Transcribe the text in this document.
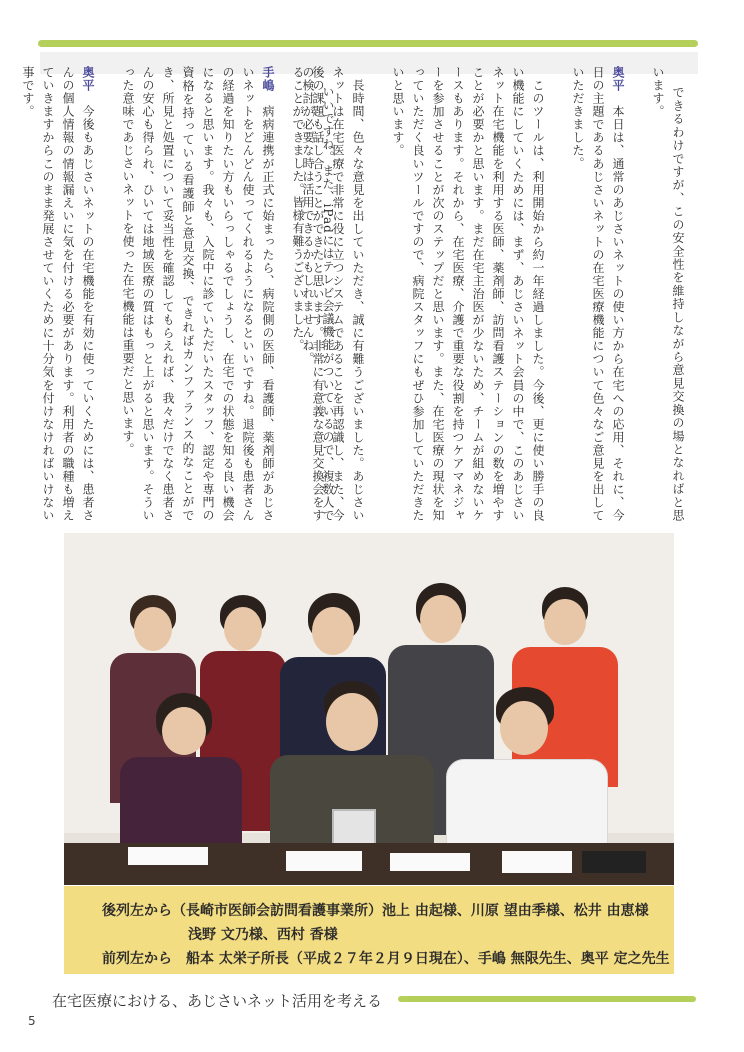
できるわけですが、この安全性を維持しながら意見交換の場となればと思います。

奥平　本日は、通常のあじさいネットの使い方から在宅への応用、それに、今日の主題であるあじさいネットの在宅医療機能について色々なご意見を出していただきました。

　このツールは、利用開始から約一年経過しました。今後、更に使い勝手の良い機能にしていくためには、まず、あじさいネット会員の中で、このあじさいネット在宅機能を利用する医師、薬剤師、訪問看護ステーションの数を増やすことが必要かと思います。まだ在宅主治医が少ないため、チームが組めないケースもあります。それから、在宅医療、介護で重要な役割を持つケアマネジャーを参加させることが次のステップだと思います。また、在宅医療の現状を知っていただく良いツールですので、病院スタッフにもぜひ参加していただきたいと思います。

　長時間、色々な意見を出していただき、誠に有難うございました。あじさいネットは在宅医療で非常に役に立つシステムであることを再認識し、また、今後の課題も話し合うことができたと思います。非常に有意義な意見交換会をすることができました。皆様有難うございました。
	いいですね。また、iPadにはテレビ会議機能がついているので、複数人での検討が必要な時は活用できるかもしれませんね。

手嶋　病病連携が正式に始まったら、病院側の医師、看護師、薬剤師があじさいネットをどんどん使ってくれるようになるといいですね。退院後も患者さんの経過を知りたい方もいらっしゃるでしょうし、在宅での状態を知る良い機会になると思います。我々も、入院中に診ていただいたスタッフ、認定や専門の資格を持っている看護師と意見交換、できればカンファランス的なことができ、所見と処置について妥当性を確認してもらえれば、我々だけでなく患者さんの安心も得られ、ひいては地域医療の質はもっと上がると思います。そういった意味であじさいネットを使った在宅機能は重要だと思います。

奥平　今後もあじさいネットの在宅機能を有効に使っていくためには、患者さんの個人情報の情報漏えいに気を付ける必要があります。利用者の職種も増えていきますからこのまま発展させていくために十分気を付けなければいけない事です。

後列左から（長崎市医師会訪問看護事業所）池上 由起様、川原 望由季様、松井 由恵様
浅野 文乃様、西村 香様
前列左から　船本 太栄子所長（平成２７年２月９日現在）、手嶋 無限先生、奥平 定之先生
在宅医療における、あじさいネット活用を考える
5
